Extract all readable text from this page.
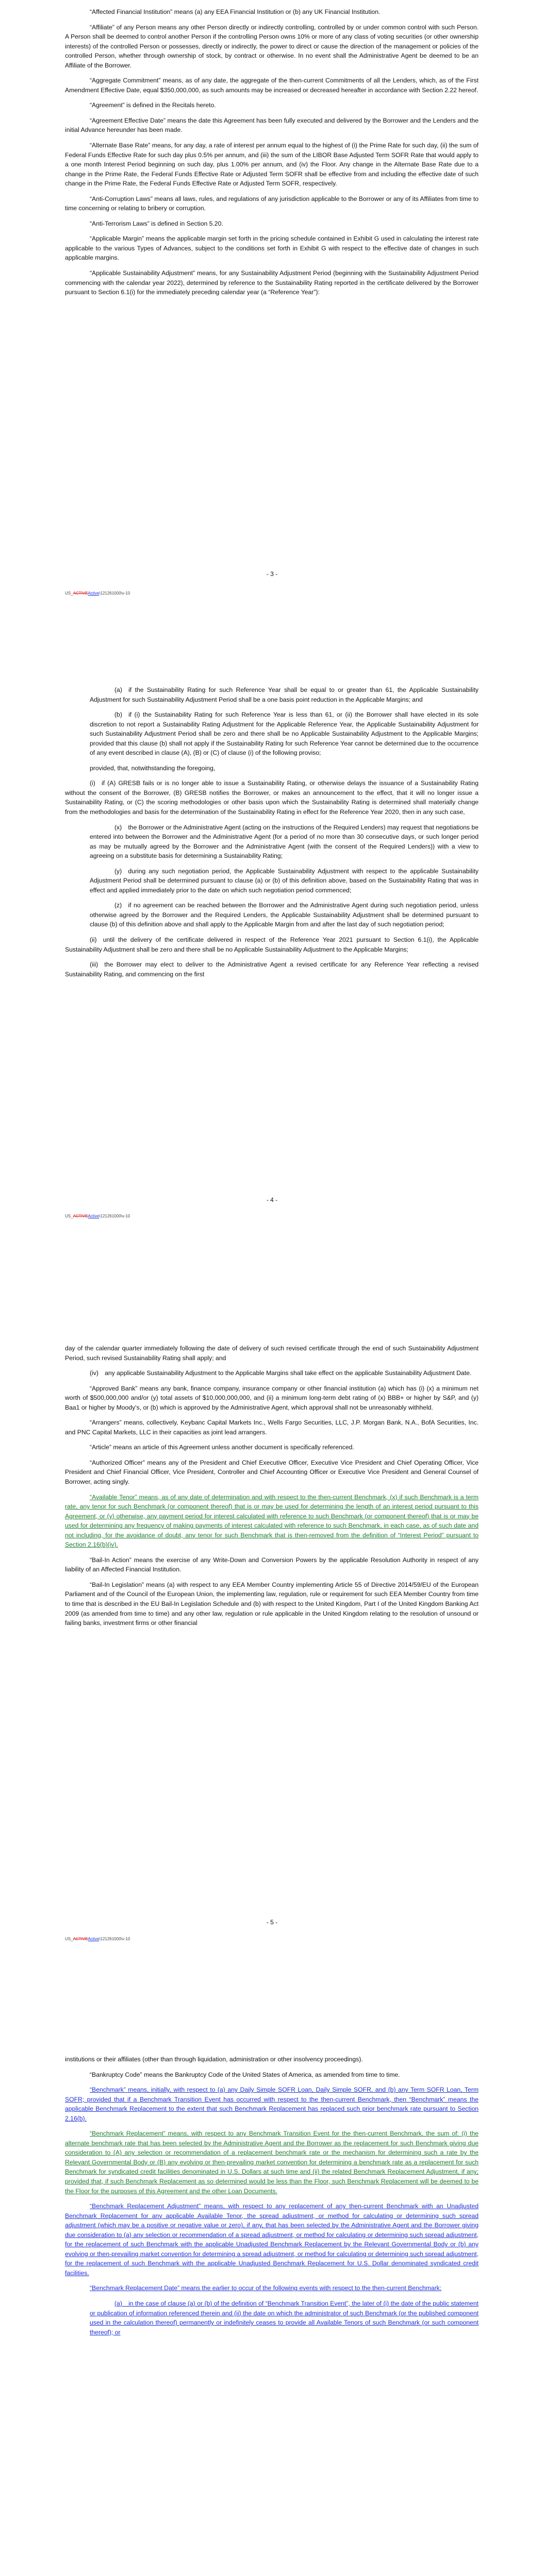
“Affected Financial Institution” means (a) any EEA Financial Institution or (b) any UK Financial Institution.

“Affiliate” of any Person means any other Person directly or indirectly controlling, controlled by or under common control with such Person. A Person shall be deemed to control another Person if the controlling Person owns 10% or more of any class of voting securities (or other ownership interests) of the controlled Person or possesses, directly or indirectly, the power to direct or cause the direction of the management or policies of the controlled Person, whether through ownership of stock, by contract or otherwise. In no event shall the Administrative Agent be deemed to be an Affiliate of the Borrower.

“Aggregate Commitment” means, as of any date, the aggregate of the then-current Commitments of all the Lenders, which, as of the First Amendment Effective Date, equal $350,000,000, as such amounts may be increased or decreased hereafter in accordance with Section 2.22 hereof.

“Agreement” is defined in the Recitals hereto.

“Agreement Effective Date” means the date this Agreement has been fully executed and delivered by the Borrower and the Lenders and the initial Advance hereunder has been made.

“Alternate Base Rate” means, for any day, a rate of interest per annum equal to the highest of (i) the Prime Rate for such day, (ii) the sum of Federal Funds Effective Rate for such day plus 0.5% per annum, and (iii) the sum of the LIBOR Base Adjusted Term SOFR Rate that would apply to a one month Interest Period beginning on such day, plus 1.00% per annum, and (iv) the Floor. Any change in the Alternate Base Rate due to a change in the Prime Rate, the Federal Funds Effective Rate or Adjusted Term SOFR shall be effective from and including the effective date of such change in the Prime Rate, the Federal Funds Effective Rate or Adjusted Term SOFR, respectively.

“Anti-Corruption Laws” means all laws, rules, and regulations of any jurisdiction applicable to the Borrower or any of its Affiliates from time to time concerning or relating to bribery or corruption.

“Anti-Terrorism Laws” is defined in Section 5.20.

“Applicable Margin” means the applicable margin set forth in the pricing schedule contained in Exhibit G used in calculating the interest rate applicable to the various Types of Advances, subject to the conditions set forth in Exhibit G with respect to the effective date of changes in such applicable margins.

“Applicable Sustainability Adjustment” means, for any Sustainability Adjustment Period (beginning with the Sustainability Adjustment Period commencing with the calendar year 2022), determined by reference to the Sustainability Rating reported in the certificate delivered by the Borrower pursuant to Section 6.1(i) for the immediately preceding calendar year (a “Reference Year”):

- 3 -
US_ACTIVEActive\121261000\v-10

(a) if the Sustainability Rating for such Reference Year shall be equal to or greater than 61, the Applicable Sustainability Adjustment for such Sustainability Adjustment Period shall be a one basis point reduction in the Applicable Margins; and

(b) if (i) the Sustainability Rating for such Reference Year is less than 61, or (ii) the Borrower shall have elected in its sole discretion to not report a Sustainability Rating Adjustment for the Applicable Reference Year, the Applicable Sustainability Adjustment for such Sustainability Adjustment Period shall be zero and there shall be no Applicable Sustainability Adjustment to the Applicable Margins; provided that this clause (b) shall not apply if the Sustainability Rating for such Reference Year cannot be determined due to the occurrence of any event described in clause (A), (B) or (C) of clause (i) of the following proviso;

provided, that, notwithstanding the foregoing,

(i) if (A) GRESB fails or is no longer able to issue a Sustainability Rating, or otherwise delays the issuance of a Sustainability Rating without the consent of the Borrower, (B) GRESB notifies the Borrower, or makes an announcement to the effect, that it will no longer issue a Sustainability Rating, or (C) the scoring methodologies or other basis upon which the Sustainability Rating is determined shall materially change from the methodologies and basis for the determination of the Sustainability Rating in effect for the Reference Year 2020, then in any such case,

(x) the Borrower or the Administrative Agent (acting on the instructions of the Required Lenders) may request that negotiations be entered into between the Borrower and the Administrative Agent (for a period of no more than 30 consecutive days, or such longer period as may be mutually agreed by the Borrower and the Administrative Agent (with the consent of the Required Lenders)) with a view to agreeing on a substitute basis for determining a Sustainability Rating;

(y) during any such negotiation period, the Applicable Sustainability Adjustment with respect to the applicable Sustainability Adjustment Period shall be determined pursuant to clause (a) or (b) of this definition above, based on the Sustainability Rating that was in effect and applied immediately prior to the date on which such negotiation period commenced;

(z) if no agreement can be reached between the Borrower and the Administrative Agent during such negotiation period, unless otherwise agreed by the Borrower and the Required Lenders, the Applicable Sustainability Adjustment shall be determined pursuant to clause (b) of this definition above and shall apply to the Applicable Margin from and after the last day of such negotiation period;

(ii) until the delivery of the certificate delivered in respect of the Reference Year 2021 pursuant to Section 6.1(i), the Applicable Sustainability Adjustment shall be zero and there shall be no Applicable Sustainability Adjustment to the Applicable Margins;

(iii) the Borrower may elect to deliver to the Administrative Agent a revised certificate for any Reference Year reflecting a revised Sustainability Rating, and commencing on the first

- 4 -
US_ACTIVEActive\121261000\v-10

day of the calendar quarter immediately following the date of delivery of such revised certificate through the end of such Sustainability Adjustment Period, such revised Sustainability Rating shall apply; and

(iv) any applicable Sustainability Adjustment to the Applicable Margins shall take effect on the applicable Sustainability Adjustment Date.

“Approved Bank” means any bank, finance company, insurance company or other financial institution (a) which has (i) (x) a minimum net worth of $500,000,000 and/or (y) total assets of $10,000,000,000, and (ii) a minimum long-term debt rating of (x) BBB+ or higher by S&P, and (y) Baa1 or higher by Moody’s, or (b) which is approved by the Administrative Agent, which approval shall not be unreasonably withheld.

“Arrangers” means, collectively, Keybanc Capital Markets Inc., Wells Fargo Securities, LLC, J.P. Morgan Bank, N.A., BofA Securities, Inc. and PNC Capital Markets, LLC in their capacities as joint lead arrangers.

“Article” means an article of this Agreement unless another document is specifically referenced.

“Authorized Officer” means any of the President and Chief Executive Officer, Executive Vice President and Chief Operating Officer, Vice President and Chief Financial Officer, Vice President, Controller and Chief Accounting Officer or Executive Vice President and General Counsel of Borrower, acting singly.

“Available Tenor” means, as of any date of determination and with respect to the then-current Benchmark, (x) if such Benchmark is a term rate, any tenor for such Benchmark (or component thereof) that is or may be used for determining the length of an interest period pursuant to this Agreement, or (y) otherwise, any payment period for interest calculated with reference to such Benchmark (or component thereof) that is or may be used for determining any frequency of making payments of interest calculated with reference to such Benchmark, in each case, as of such date and not including, for the avoidance of doubt, any tenor for such Benchmark that is then-removed from the definition of “Interest Period” pursuant to Section 2.16(b)(iv).

“Bail-In Action” means the exercise of any Write-Down and Conversion Powers by the applicable Resolution Authority in respect of any liability of an Affected Financial Institution.

“Bail-In Legislation” means (a) with respect to any EEA Member Country implementing Article 55 of Directive 2014/59/EU of the European Parliament and of the Council of the European Union, the implementing law, regulation, rule or requirement for such EEA Member Country from time to time that is described in the EU Bail-In Legislation Schedule and (b) with respect to the United Kingdom, Part I of the United Kingdom Banking Act 2009 (as amended from time to time) and any other law, regulation or rule applicable in the United Kingdom relating to the resolution of unsound or failing banks, investment firms or other financial

- 5 -
US_ACTIVEActive\121261000\v-10

institutions or their affiliates (other than through liquidation, administration or other insolvency proceedings).

“Bankruptcy Code” means the Bankruptcy Code of the United States of America, as amended from time to time.

“Benchmark” means, initially, with respect to (a) any Daily Simple SOFR Loan, Daily Simple SOFR, and (b) any Term SOFR Loan, Term SOFR; provided that if a Benchmark Transition Event has occurred with respect to the then-current Benchmark, then “Benchmark” means the applicable Benchmark Replacement to the extent that such Benchmark Replacement has replaced such prior benchmark rate pursuant to Section 2.16(b).

“Benchmark Replacement” means, with respect to any Benchmark Transition Event for the then-current Benchmark, the sum of: (i) the alternate benchmark rate that has been selected by the Administrative Agent and the Borrower as the replacement for such Benchmark giving due consideration to (A) any selection or recommendation of a replacement benchmark rate or the mechanism for determining such a rate by the Relevant Governmental Body or (B) any evolving or then-prevailing market convention for determining a benchmark rate as a replacement for such Benchmark for syndicated credit facilities denominated in U.S. Dollars at such time and (ii) the related Benchmark Replacement Adjustment, if any; provided that, if such Benchmark Replacement as so determined would be less than the Floor, such Benchmark Replacement will be deemed to be the Floor for the purposes of this Agreement and the other Loan Documents.

“Benchmark Replacement Adjustment” means, with respect to any replacement of any then-current Benchmark with an Unadjusted Benchmark Replacement for any applicable Available Tenor, the spread adjustment, or method for calculating or determining such spread adjustment (which may be a positive or negative value or zero), if any, that has been selected by the Administrative Agent and the Borrower giving due consideration to (a) any selection or recommendation of a spread adjustment, or method for calculating or determining such spread adjustment, for the replacement of such Benchmark with the applicable Unadjusted Benchmark Replacement by the Relevant Governmental Body or (b) any evolving or then-prevailing market convention for determining a spread adjustment, or method for calculating or determining such spread adjustment, for the replacement of such Benchmark with the applicable Unadjusted Benchmark Replacement for U.S. Dollar denominated syndicated credit facilities.

“Benchmark Replacement Date” means the earlier to occur of the following events with respect to the then-current Benchmark:

(a) in the case of clause (a) or (b) of the definition of “Benchmark Transition Event”, the later of (i) the date of the public statement or publication of information referenced therein and (ii) the date on which the administrator of such Benchmark (or the published component used in the calculation thereof) permanently or indefinitely ceases to provide all Available Tenors of such Benchmark (or such component thereof); or
